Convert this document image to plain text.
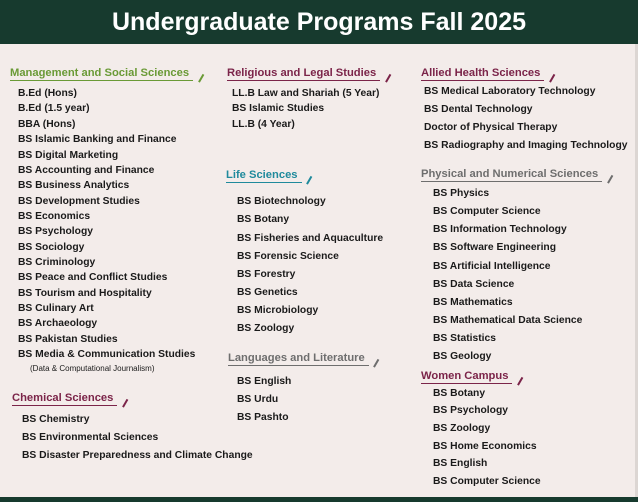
Undergraduate Programs Fall 2025
Management and Social Sciences
B.Ed (Hons)
B.Ed (1.5 year)
BBA (Hons)
BS Islamic Banking and Finance
BS Digital Marketing
BS Accounting and Finance
BS Business Analytics
BS Development Studies
BS Economics
BS Psychology
BS Sociology
BS Criminology
BS Peace and Conflict Studies
BS Tourism and Hospitality
BS Culinary Art
BS Archaeology
BS Pakistan Studies
BS Media & Communication Studies
(Data & Computational Journalism)
Chemical Sciences
BS Chemistry
BS Environmental Sciences
BS Disaster Preparedness and Climate Change
Religious and Legal Studies
LL.B Law and Shariah (5 Year)
BS Islamic Studies
LL.B (4 Year)
Life Sciences
BS Biotechnology
BS Botany
BS Fisheries and Aquaculture
BS Forensic Science
BS Forestry
BS Genetics
BS Microbiology
BS Zoology
Languages and Literature
BS English
BS Urdu
BS Pashto
Allied Health Sciences
BS Medical Laboratory Technology
BS Dental Technology
Doctor of Physical Therapy
BS Radiography and Imaging Technology
Physical and Numerical Sciences
BS Physics
BS Computer Science
BS Information Technology
BS Software Engineering
BS Artificial Intelligence
BS Data Science
BS Mathematics
BS Mathematical Data Science
BS Statistics
BS Geology
Women Campus
BS Botany
BS Psychology
BS Zoology
BS Home Economics
BS English
BS Computer Science
